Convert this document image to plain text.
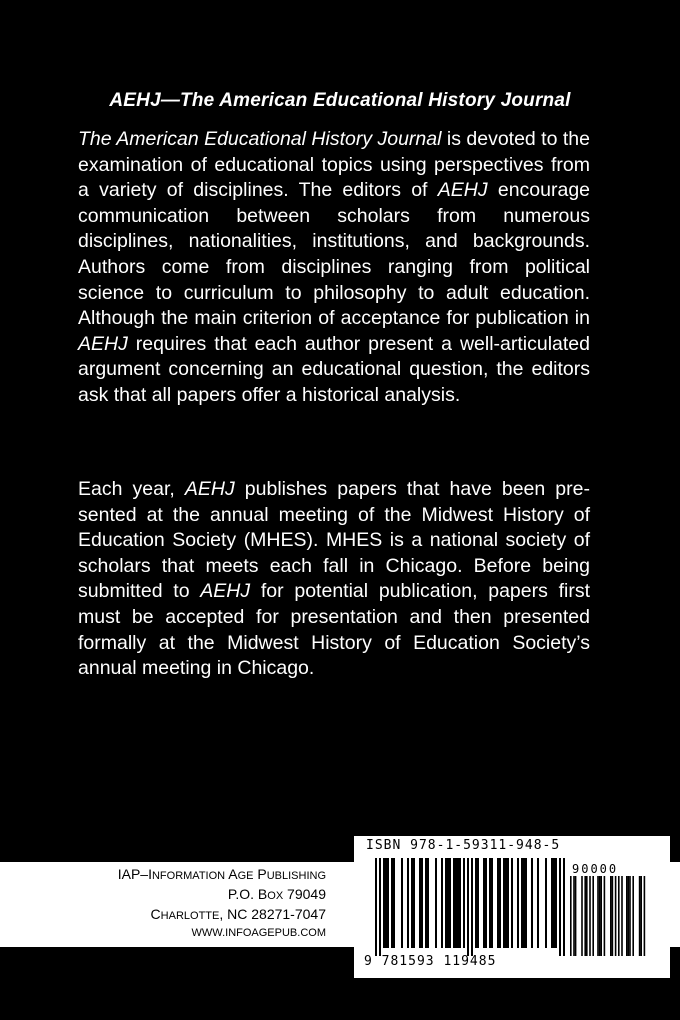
AEHJ—The American Educational History Journal
The American Educational History Journal is devoted to the examination of educational topics using perspectives from a variety of disciplines. The editors of AEHJ encourage communication between scholars from numerous disciplines, nationalities, institutions, and backgrounds. Authors come from disciplines ranging from political science to curriculum to philosophy to adult education. Although the main criterion of acceptance for publication in AEHJ requires that each author present a well-articulated argument concerning an educational question, the editors ask that all papers offer a historical analysis.
Each year, AEHJ publishes papers that have been presented at the annual meeting of the Midwest History of Education Society (MHES). MHES is a national society of scholars that meets each fall in Chicago. Before being submitted to AEHJ for potential publication, papers first must be accepted for presentation and then presented formally at the Midwest History of Education Society’s annual meeting in Chicago.
IAP–INFORMATION AGE PUBLISHING
P.O. BOX 79049
CHARLOTTE, NC 28271-7047
WWW.INFOAGEPUB.COM
ISBN 978-1-59311-948-5
90000
9 781593 119485
